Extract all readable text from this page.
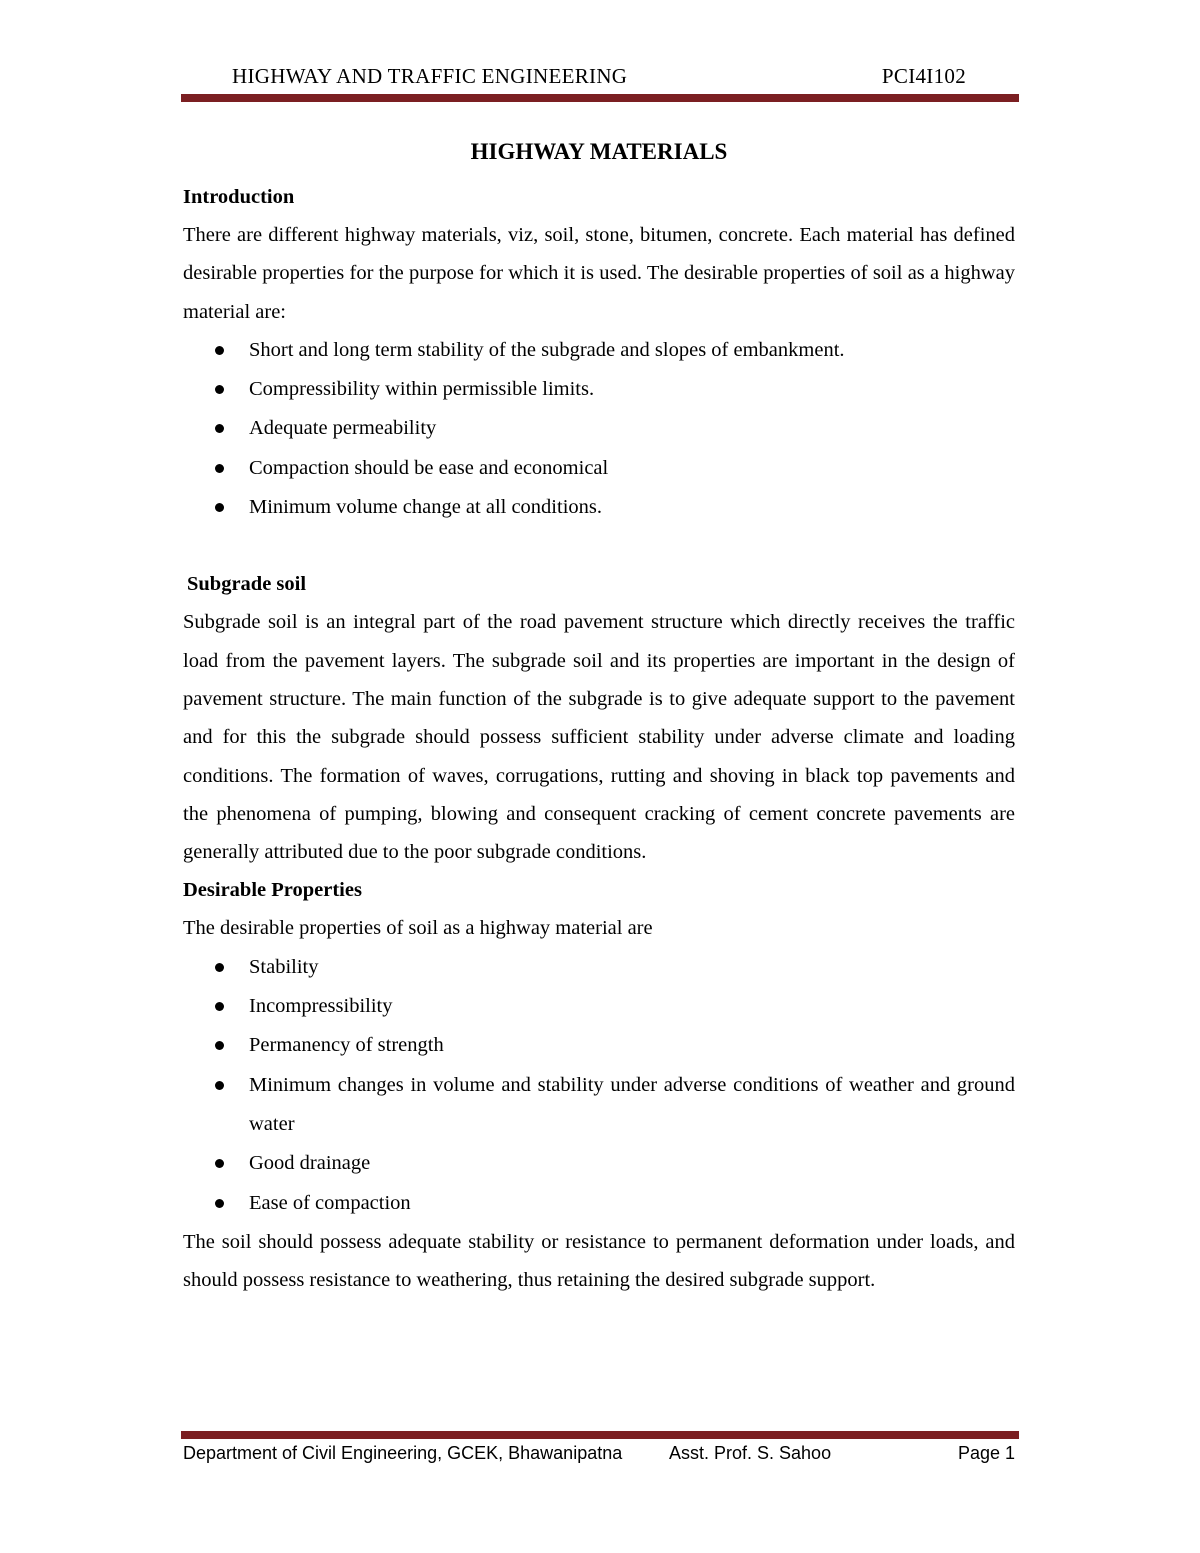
HIGHWAY AND TRAFFIC ENGINEERING	PCI4I102
HIGHWAY MATERIALS
Introduction

There are different highway materials, viz, soil, stone, bitumen, concrete. Each material has defined desirable properties for the purpose for which it is used. The desirable properties of soil as a highway material are:

Short and long term stability of the subgrade and slopes of embankment.
Compressibility within permissible limits.
Adequate permeability
Compaction should be ease and economical
Minimum volume change at all conditions.
Subgrade soil

Subgrade soil is an integral part of the road pavement structure which directly receives the traffic load from the pavement layers. The subgrade soil and its properties are important in the design of pavement structure. The main function of the subgrade is to give adequate support to the pavement and for this the subgrade should possess sufficient stability under adverse climate and loading conditions. The formation of waves, corrugations, rutting and shoving in black top pavements and the phenomena of pumping, blowing and consequent cracking of cement concrete pavements are generally attributed due to the poor subgrade conditions.

Desirable Properties

The desirable properties of soil as a highway material are

Stability
Incompressibility
Permanency of strength
Minimum changes in volume and stability under adverse conditions of weather and ground water
Good drainage
Ease of compaction

The soil should possess adequate stability or resistance to permanent deformation under loads, and should possess resistance to weathering, thus retaining the desired subgrade support.

Department of Civil Engineering, GCEK, Bhawanipatna	Asst. Prof. S. Sahoo	Page 1
